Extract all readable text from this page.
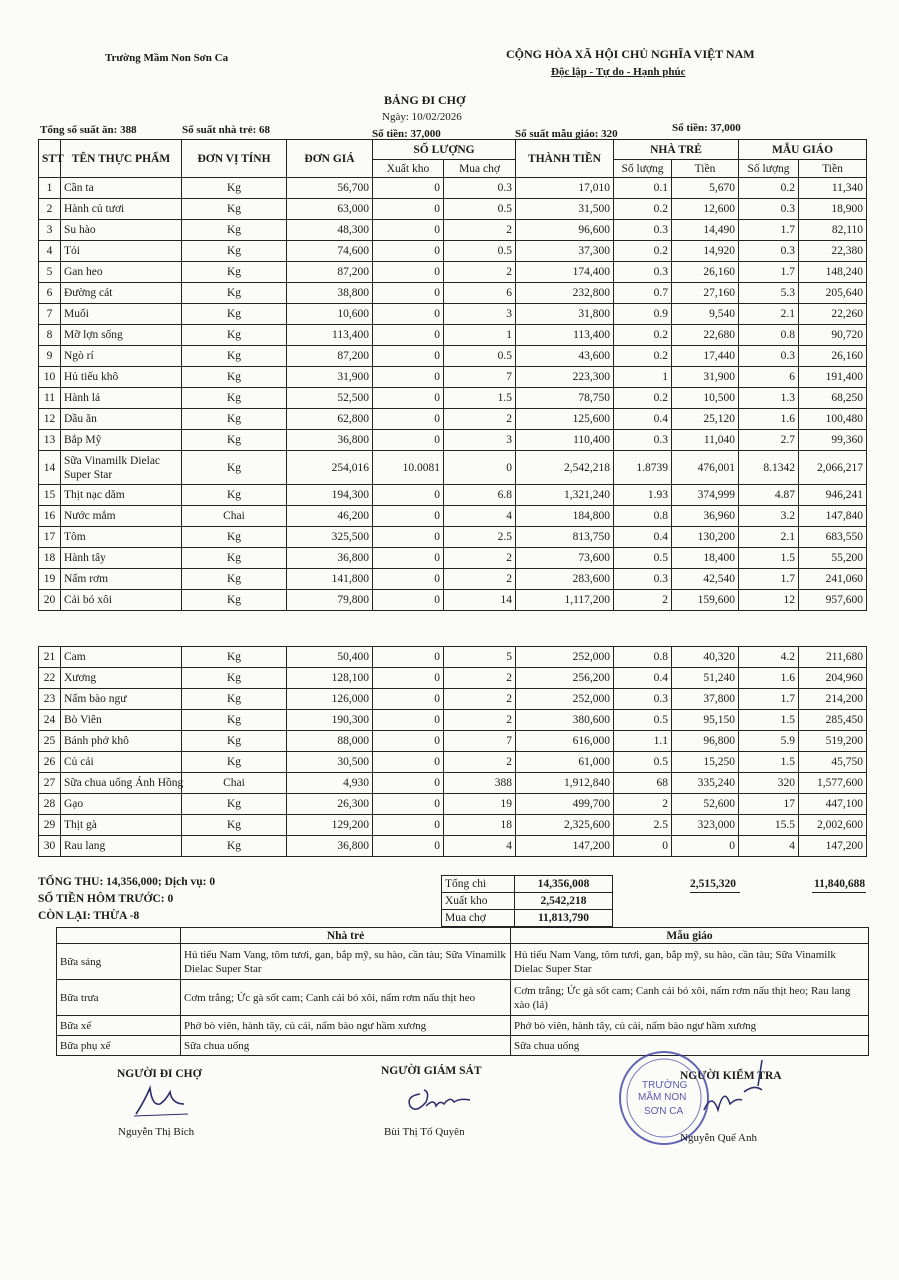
Trường Mầm Non Sơn Ca	CỘNG HÒA XÃ HỘI CHỦ NGHĨA VIỆT NAM
Độc lập - Tự do - Hạnh phúc
BẢNG ĐI CHỢ
Ngày: 10/02/2026
Tổng số suất ăn: 388	Số suất nhà trẻ: 68	Số tiền: 37,000	Số suất mẫu giáo: 320	Số tiền: 37,000
STT	TÊN THỰC PHẨM	ĐƠN VỊ TÍNH	ĐƠN GIÁ	SỐ LƯỢNG		THÀNH TIỀN	NHÀ TRẺ		MẪU GIÁO	
				Xuất kho	Mua chợ		Số lượng	Tiền	Số lượng	Tiền
1	Cần ta	Kg	56,700	0	0.3	17,010	0.1	5,670	0.2	11,340
2	Hành củ tươi	Kg	63,000	0	0.5	31,500	0.2	12,600	0.3	18,900
3	Su hào	Kg	48,300	0	2	96,600	0.3	14,490	1.7	82,110
4	Tỏi	Kg	74,600	0	0.5	37,300	0.2	14,920	0.3	22,380
5	Gan heo	Kg	87,200	0	2	174,400	0.3	26,160	1.7	148,240
6	Đường cát	Kg	38,800	0	6	232,800	0.7	27,160	5.3	205,640
7	Muối	Kg	10,600	0	3	31,800	0.9	9,540	2.1	22,260
8	Mỡ lợn sống	Kg	113,400	0	1	113,400	0.2	22,680	0.8	90,720
9	Ngò rí	Kg	87,200	0	0.5	43,600	0.2	17,440	0.3	26,160
10	Hủ tiếu khô	Kg	31,900	0	7	223,300	1	31,900	6	191,400
11	Hành lá	Kg	52,500	0	1.5	78,750	0.2	10,500	1.3	68,250
12	Dầu ăn	Kg	62,800	0	2	125,600	0.4	25,120	1.6	100,480
13	Bắp Mỹ	Kg	36,800	0	3	110,400	0.3	11,040	2.7	99,360
14	Sữa Vinamilk Dielac Super Star	Kg	254,016	10.0081	0	2,542,218	1.8739	476,001	8.1342	2,066,217
15	Thịt nạc dăm	Kg	194,300	0	6.8	1,321,240	1.93	374,999	4.87	946,241
16	Nước mắm	Chai	46,200	0	4	184,800	0.8	36,960	3.2	147,840
17	Tôm	Kg	325,500	0	2.5	813,750	0.4	130,200	2.1	683,550
18	Hành tây	Kg	36,800	0	2	73,600	0.5	18,400	1.5	55,200
19	Nấm rơm	Kg	141,800	0	2	283,600	0.3	42,540	1.7	241,060
20	Cải bó xôi	Kg	79,800	0	14	1,117,200	2	159,600	12	957,600
21	Cam	Kg	50,400	0	5	252,000	0.8	40,320	4.2	211,680
22	Xương	Kg	128,100	0	2	256,200	0.4	51,240	1.6	204,960
23	Nấm bào ngư	Kg	126,000	0	2	252,000	0.3	37,800	1.7	214,200
24	Bò Viên	Kg	190,300	0	2	380,600	0.5	95,150	1.5	285,450
25	Bánh phở khô	Kg	88,000	0	7	616,000	1.1	96,800	5.9	519,200
26	Củ cải	Kg	30,500	0	2	61,000	0.5	15,250	1.5	45,750
27	Sữa chua uống Ánh Hồng	Chai	4,930	0	388	1,912,840	68	335,240	320	1,577,600
28	Gạo	Kg	26,300	0	19	499,700	2	52,600	17	447,100
29	Thịt gà	Kg	129,200	0	18	2,325,600	2.5	323,000	15.5	2,002,600
30	Rau lang	Kg	36,800	0	4	147,200	0	0	4	147,200
TỔNG THU: 14,356,000; Dịch vụ: 0
SỐ TIỀN HÔM TRƯỚC: 0
CÒN LẠI: THỪA -8
Tổng chi	14,356,008
Xuất kho	2,542,218
Mua chợ	11,813,790
2,515,320	11,840,688
	Nhà trẻ	Mẫu giáo
Bữa sáng	Hủ tiếu Nam Vang, tôm tươi, gan, bắp mỹ, su hào, cần tàu; Sữa Vinamilk Dielac Super Star	Hủ tiếu Nam Vang, tôm tươi, gan, bắp mỹ, su hào, cần tàu; Sữa Vinamilk Dielac Super Star
Bữa trưa	Cơm trắng; Ức gà sốt cam; Canh cải bó xôi, nấm rơm nấu thịt heo	Cơm trắng; Ức gà sốt cam; Canh cải bó xôi, nấm rơm nấu thịt heo; Rau lang xào (lá)
Bữa xế	Phở bò viên, hành tây, củ cải, nấm bào ngư hầm xương	Phở bò viên, hành tây, củ cải, nấm bào ngư hầm xương
Bữa phụ xế	Sữa chua uống	Sữa chua uống
NGƯỜI ĐI CHỢ
Nguyễn Thị Bích
NGƯỜI GIÁM SÁT
Bùi Thị Tố Quyên
NGƯỜI KIỂM TRA
TRƯỜNG
MẦM NON
SƠN CA
Nguyễn Quế Anh
